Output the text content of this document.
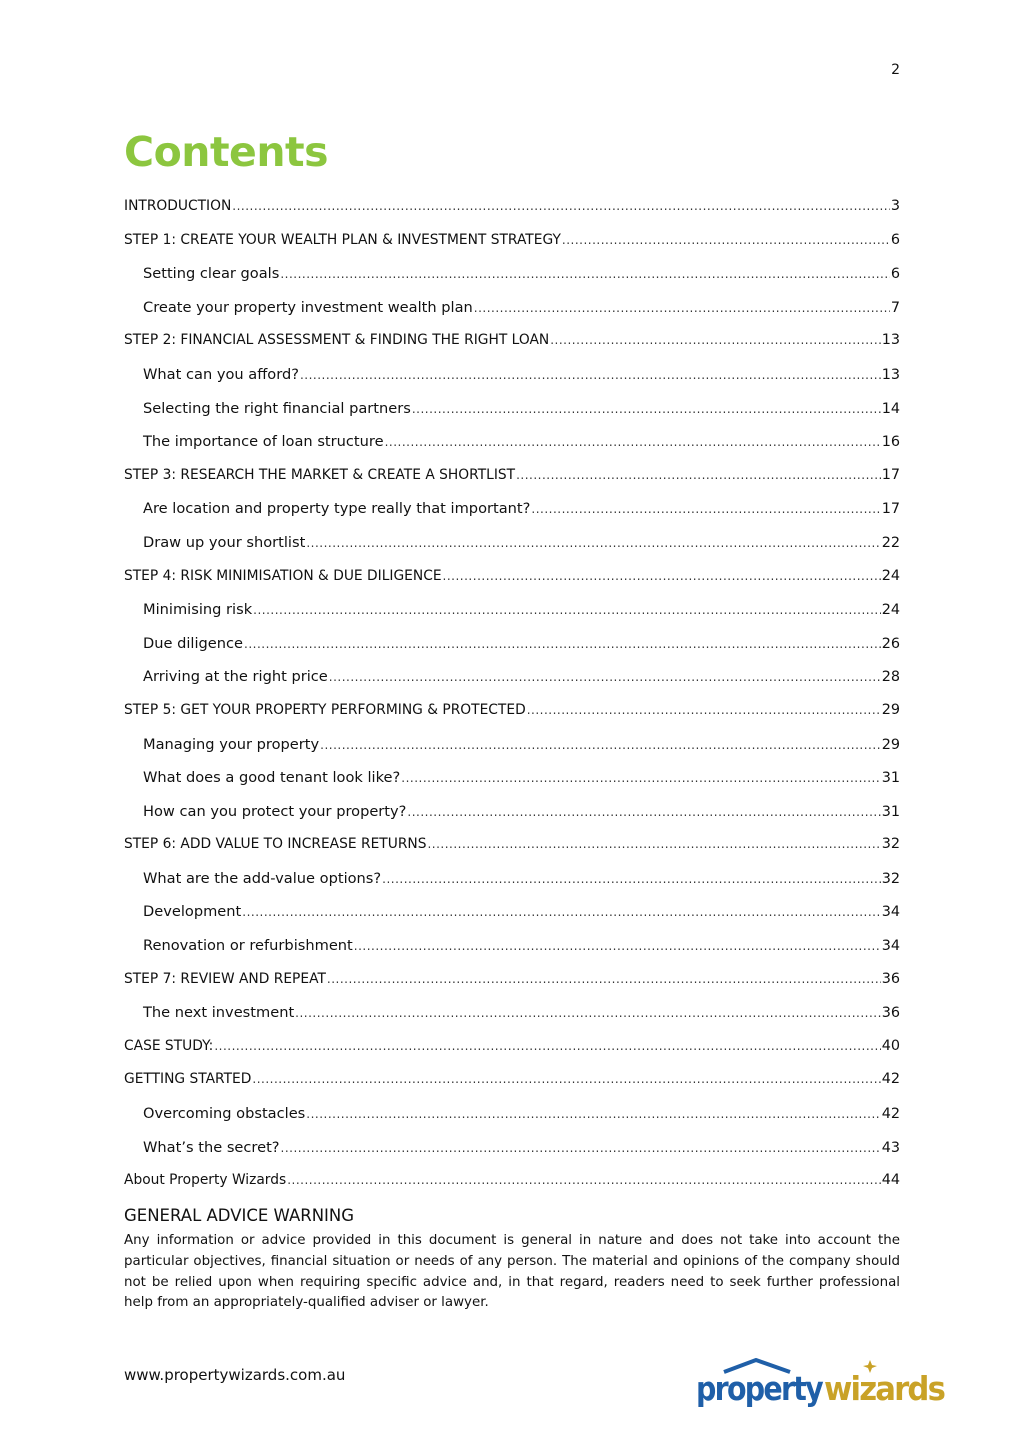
2
Contents
INTRODUCTION .....	3
STEP 1: CREATE YOUR WEALTH PLAN & INVESTMENT STRATEGY .....	6
Setting clear goals .....	6
Create your property investment wealth plan .....	7
STEP 2: FINANCIAL ASSESSMENT & FINDING THE RIGHT LOAN .....	13
What can you afford? .....	13
Selecting the right financial partners .....	14
The importance of loan structure .....	16
STEP 3: RESEARCH THE MARKET & CREATE A SHORTLIST .....	17
Are location and property type really that important? .....	17
Draw up your shortlist .....	22
STEP 4: RISK MINIMISATION & DUE DILIGENCE .....	24
Minimising risk .....	24
Due diligence .....	26
Arriving at the right price .....	28
STEP 5: GET YOUR PROPERTY PERFORMING & PROTECTED .....	29
Managing your property .....	29
What does a good tenant look like? .....	31
How can you protect your property? .....	31
STEP 6: ADD VALUE TO INCREASE RETURNS .....	32
What are the add-value options? .....	32
Development .....	34
Renovation or refurbishment .....	34
STEP 7: REVIEW AND REPEAT .....	36
The next investment .....	36
CASE STUDY: .....	40
GETTING STARTED .....	42
Overcoming obstacles .....	42
What’s the secret? .....	43
About Property Wizards .....	44
GENERAL ADVICE WARNING

Any information or advice provided in this document is general in nature and does not take into account the particular objectives, financial situation or needs of any person. The material and opinions of the company should not be relied upon when requiring specific advice and, in that regard, readers need to seek further professional help from an appropriately-qualified adviser or lawyer.

www.propertywizards.com.au	property wizards
